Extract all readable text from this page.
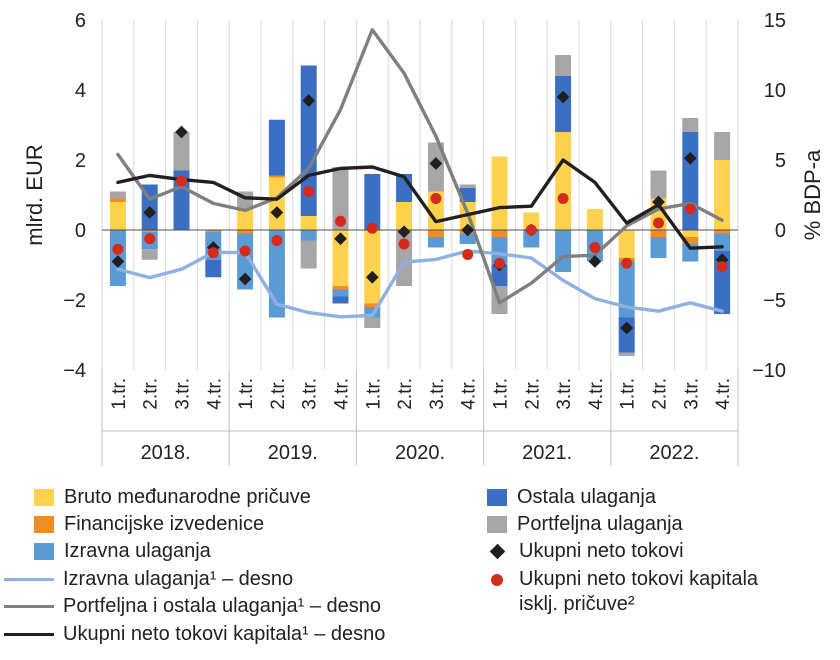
6
4
2
0
−2
−4
15
10
5
0
−5
−10
mlrd. EUR	% BDP-a
1.tr. 2.tr. 3.tr. 4.tr. 1.tr. 2.tr. 3.tr. 4.tr. 1.tr. 2.tr. 3.tr. 4.tr. 1.tr. 2.tr. 3.tr. 4.tr. 1.tr. 2.tr. 3.tr. 4.tr.
2018.	2019.	2020.	2021.	2022.
Bruto međunarodne pričuve
Financijske izvedenice
Izravna ulaganja
Izravna ulaganja¹ – desno
Portfeljna i ostala ulaganja¹ – desno
Ukupni neto tokovi kapitala¹ – desno
Ostala ulaganja
Portfeljna ulaganja
Ukupni neto tokovi
Ukupni neto tokovi kapitala
isklj. pričuve²
